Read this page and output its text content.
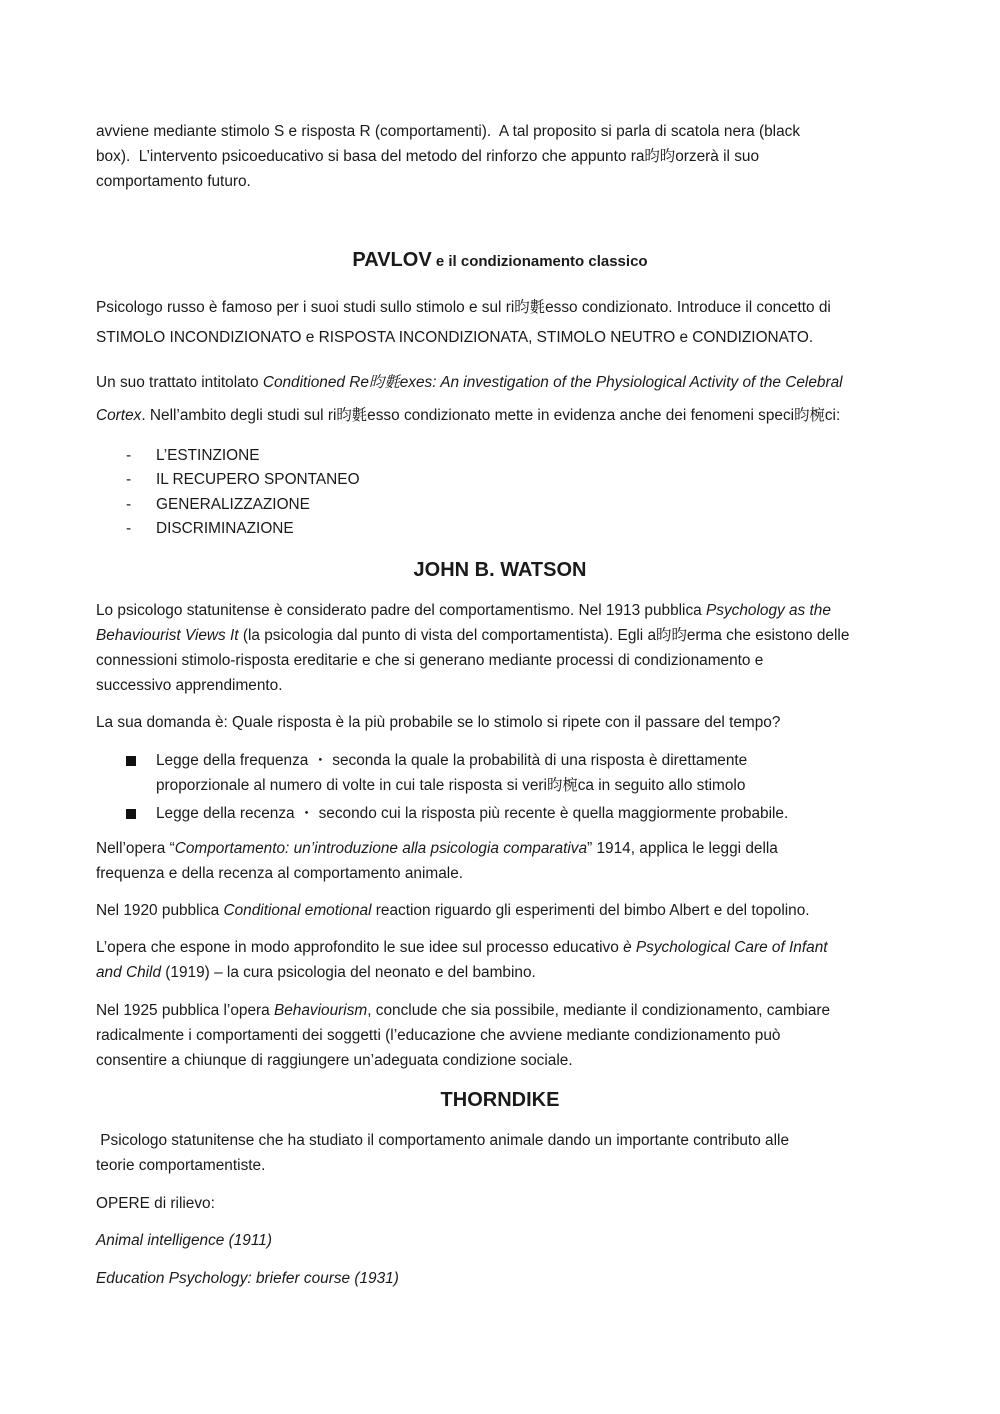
avviene mediante stimolo S e risposta R (comportamenti).  A tal proposito si parla di scatola nera (black
box).  L’intervento psicoeducativo si basa del metodo del rinforzo che appunto ra昀昀orzerà il suo
comportamento futuro.

PAVLOV e il condizionamento classico

Psicologo russo è famoso per i suoi studi sullo stimolo e sul ri昀氀esso condizionato. Introduce il concetto di
STIMOLO INCONDIZIONATO e RISPOSTA INCONDIZIONATA, STIMOLO NEUTRO e CONDIZIONATO.

Un suo trattato intitolato Conditioned Re昀氀exes: An investigation of the Physiological Activity of the Celebral
Cortex. Nell’ambito degli studi sul ri昀氀esso condizionato mette in evidenza anche dei fenomeni speci昀椀ci:

- L’ESTINZIONE
- IL RECUPERO SPONTANEO
- GENERALIZZAZIONE
- DISCRIMINAZIONE
JOHN B. WATSON

Lo psicologo statunitense è considerato padre del comportamentismo. Nel 1913 pubblica Psychology as the
Behaviourist Views It (la psicologia dal punto di vista del comportamentista). Egli a昀昀erma che esistono delle
connessioni stimolo-risposta ereditarie e che si generano mediante processi di condizionamento e
successivo apprendimento.

La sua domanda è: Quale risposta è la più probabile se lo stimolo si ripete con il passare del tempo?

Legge della frequenza ・ seconda la quale la probabilità di una risposta è direttamente
proporzionale al numero di volte in cui tale risposta si veri昀椀ca in seguito allo stimolo
Legge della recenza ・ secondo cui la risposta più recente è quella maggiormente probabile.

Nell’opera “Comportamento: un’introduzione alla psicologia comparativa” 1914, applica le leggi della
frequenza e della recenza al comportamento animale.

Nel 1920 pubblica Conditional emotional reaction riguardo gli esperimenti del bimbo Albert e del topolino.

L’opera che espone in modo approfondito le sue idee sul processo educativo è Psychological Care of Infant
and Child (1919) – la cura psicologia del neonato e del bambino.

Nel 1925 pubblica l’opera Behaviourism, conclude che sia possibile, mediante il condizionamento, cambiare
radicalmente i comportamenti dei soggetti (l’educazione che avviene mediante condizionamento può
consentire a chiunque di raggiungere un’adeguata condizione sociale.

THORNDIKE

Psicologo statunitense che ha studiato il comportamento animale dando un importante contributo alle
teorie comportamentiste.

OPERE di rilievo:

Animal intelligence (1911)

Education Psychology: briefer course (1931)
